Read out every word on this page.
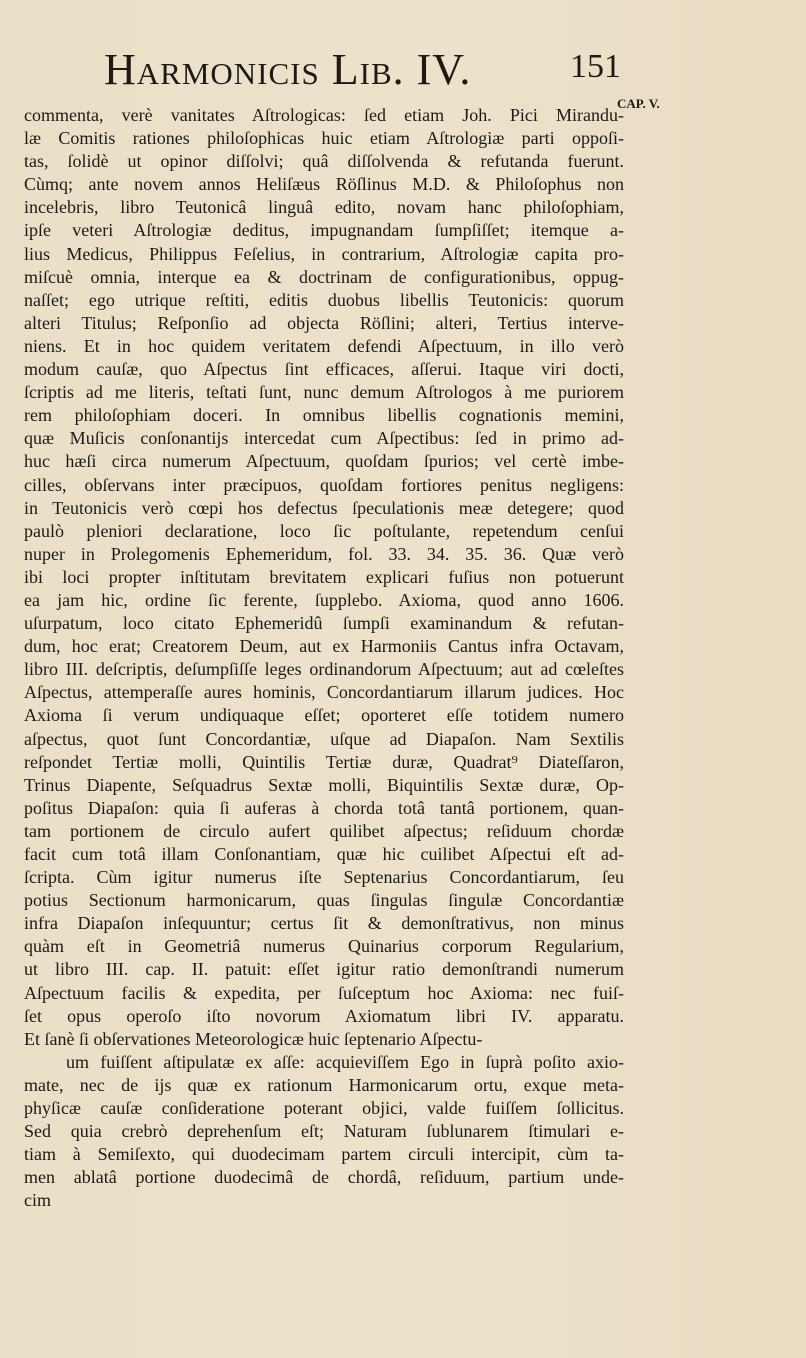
Harmonicis Lib. IV.	151
CAP. V.
commenta, verè vanitates Aſtrologicas: ſed etiam Joh. Pici Mirandu-
læ Comitis rationes philoſophicas huic etiam Aſtrologiæ parti oppoſi-
tas, ſolidè ut opinor diſſolvi; quâ diſſolvenda & refutanda fuerunt.
Cùmq; ante novem annos Heliſæus Röſlinus M.D. & Philoſophus non
incelebris, libro Teutonicâ linguâ edito, novam hanc philoſophiam,
ipſe veteri Aſtrologiæ deditus, impugnandam ſumpſiſſet; itemque a-
lius Medicus, Philippus Feſelius, in contrarium, Aſtrologiæ capita pro-
miſcuè omnia, interque ea & doctrinam de configurationibus, oppug-
naſſet; ego utrique reſtiti, editis duobus libellis Teutonicis: quorum
alteri Titulus; Reſponſio ad objecta Röſlini; alteri, Tertius interve-
niens. Et in hoc quidem veritatem defendi Aſpectuum, in illo verò
modum cauſæ, quo Aſpectus ſint efficaces, aſſerui. Itaque viri docti,
ſcriptis ad me literis, teſtati ſunt, nunc demum Aſtrologos à me puriorem
rem philoſophiam doceri. In omnibus libellis cognationis memini,
quæ Muſicis conſonantijs intercedat cum Aſpectibus: ſed in primo ad-
huc hæſi circa numerum Aſpectuum, quoſdam ſpurios; vel certè imbe-
cilles, obſervans inter præcipuos, quoſdam fortiores penitus negligens:
in Teutonicis verò cœpi hos defectus ſpeculationis meæ detegere; quod
paulò pleniori declaratione, loco ſic poſtulante, repetendum cenſui
nuper in Prolegomenis Ephemeridum, fol. 33. 34. 35. 36. Quæ verò
ibi loci propter inſtitutam brevitatem explicari fuſius non potuerunt
ea jam hic, ordine ſic ferente, ſupplebo. Axioma, quod anno 1606.
uſurpatum, loco citato Ephemeridû ſumpſi examinandum & refutan-
dum, hoc erat; Creatorem Deum, aut ex Harmoniis Cantus infra Octavam,
libro III. deſcriptis, deſumpſiſſe leges ordinandorum Aſpectuum; aut ad cœleſtes
Aſpectus, attemperaſſe aures hominis, Concordantiarum illarum judices. Hoc
Axioma ſi verum undiquaque eſſet; oporteret eſſe totidem numero
aſpectus, quot ſunt Concordantiæ, uſque ad Diapaſon. Nam Sextilis
reſpondet Tertiæ molli, Quintilis Tertiæ duræ, Quadrat⁹ Diateſſaron,
Trinus Diapente, Seſquadrus Sextæ molli, Biquintilis Sextæ duræ, Op-
poſitus Diapaſon: quia ſi auferas à chorda totâ tantâ portionem, quan-
tam portionem de circulo aufert quilibet aſpectus; reſiduum chordæ
facit cum totâ illam Conſonantiam, quæ hic cuilibet Aſpectui eſt ad-
ſcripta. Cùm igitur numerus iſte Septenarius Concordantiarum, ſeu
potius Sectionum harmonicarum, quas ſingulas ſingulæ Concordantiæ
infra Diapaſon inſequuntur; certus ſit & demonſtrativus, non minus
quàm eſt in Geometriâ numerus Quinarius corporum Regularium,
ut libro III. cap. II. patuit: eſſet igitur ratio demonſtrandi numerum
Aſpectuum facilis & expedita, per ſuſceptum hoc Axioma: nec fuiſ-
ſet opus operoſo iſto novorum Axiomatum libri IV. apparatu.
Et ſanè ſi obſervationes Meteorologicæ huic ſeptenario Aſpectu-
um fuiſſent aſtipulatæ ex aſſe: acquieviſſem Ego in ſuprà poſito axio-
mate, nec de ijs quæ ex rationum Harmonicarum ortu, exque meta-
phyſicæ cauſæ conſideratione poterant objici, valde fuiſſem ſollicitus.
Sed quia crebrò deprehenſum eſt; Naturam ſublunarem ſtimulari e-
tiam à Semiſexto, qui duodecimam partem circuli intercipit, cùm ta-
men ablatâ portione duodecimâ de chordâ, reſiduum, partium unde-
cim
